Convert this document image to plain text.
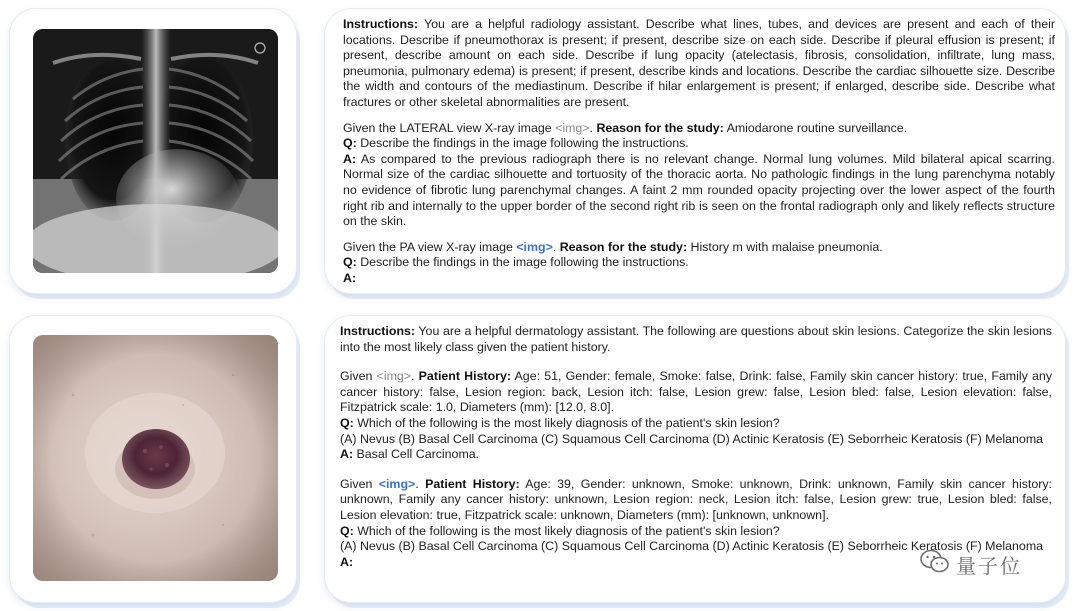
Instructions: You are a helpful radiology assistant. Describe what lines, tubes, and devices are present and each of their locations. Describe if pneumothorax is present; if present, describe size on each side. Describe if pleural effusion is present; if present, describe amount on each side. Describe if lung opacity (atelectasis, fibrosis, consolidation, infiltrate, lung mass, pneumonia, pulmonary edema) is present; if present, describe kinds and locations. Describe the cardiac silhouette size. Describe the width and contours of the mediastinum. Describe if hilar enlargement is present; if enlarged, describe side. Describe what fractures or other skeletal abnormalities are present.

Given the LATERAL view X-ray image <img>. Reason for the study: Amiodarone routine surveillance.

Q: Describe the findings in the image following the instructions.

A: As compared to the previous radiograph there is no relevant change. Normal lung volumes. Mild bilateral apical scarring. Normal size of the cardiac silhouette and tortuosity of the thoracic aorta. No pathologic findings in the lung parenchyma notably no evidence of fibrotic lung parenchymal changes. A faint 2 mm rounded opacity projecting over the lower aspect of the fourth right rib and internally to the upper border of the second right rib is seen on the frontal radiograph only and likely reflects structure on the skin.

Given the PA view X-ray image <img>. Reason for the study: History m with malaise pneumonia.

Q: Describe the findings in the image following the instructions.

A:

Instructions: You are a helpful dermatology assistant. The following are questions about skin lesions. Categorize the skin lesions into the most likely class given the patient history.

Given <img>. Patient History: Age: 51, Gender: female, Smoke: false, Drink: false, Family skin cancer history: true, Family any cancer history: false, Lesion region: back, Lesion itch: false, Lesion grew: false, Lesion bled: false, Lesion elevation: false, Fitzpatrick scale: 1.0, Diameters (mm): [12.0, 8.0].

Q: Which of the following is the most likely diagnosis of the patient's skin lesion?

(A) Nevus (B) Basal Cell Carcinoma (C) Squamous Cell Carcinoma (D) Actinic Keratosis (E) Seborrheic Keratosis (F) Melanoma

A: Basal Cell Carcinoma.

Given <img>. Patient History: Age: 39, Gender: unknown, Smoke: unknown, Drink: unknown, Family skin cancer history: unknown, Family any cancer history: unknown, Lesion region: neck, Lesion itch: false, Lesion grew: true, Lesion bled: false, Lesion elevation: true, Fitzpatrick scale: unknown, Diameters (mm): [unknown, unknown].

Q: Which of the following is the most likely diagnosis of the patient's skin lesion?

(A) Nevus (B) Basal Cell Carcinoma (C) Squamous Cell Carcinoma (D) Actinic Keratosis (E) Seborrheic Keratosis (F) Melanoma

A:	量子位
